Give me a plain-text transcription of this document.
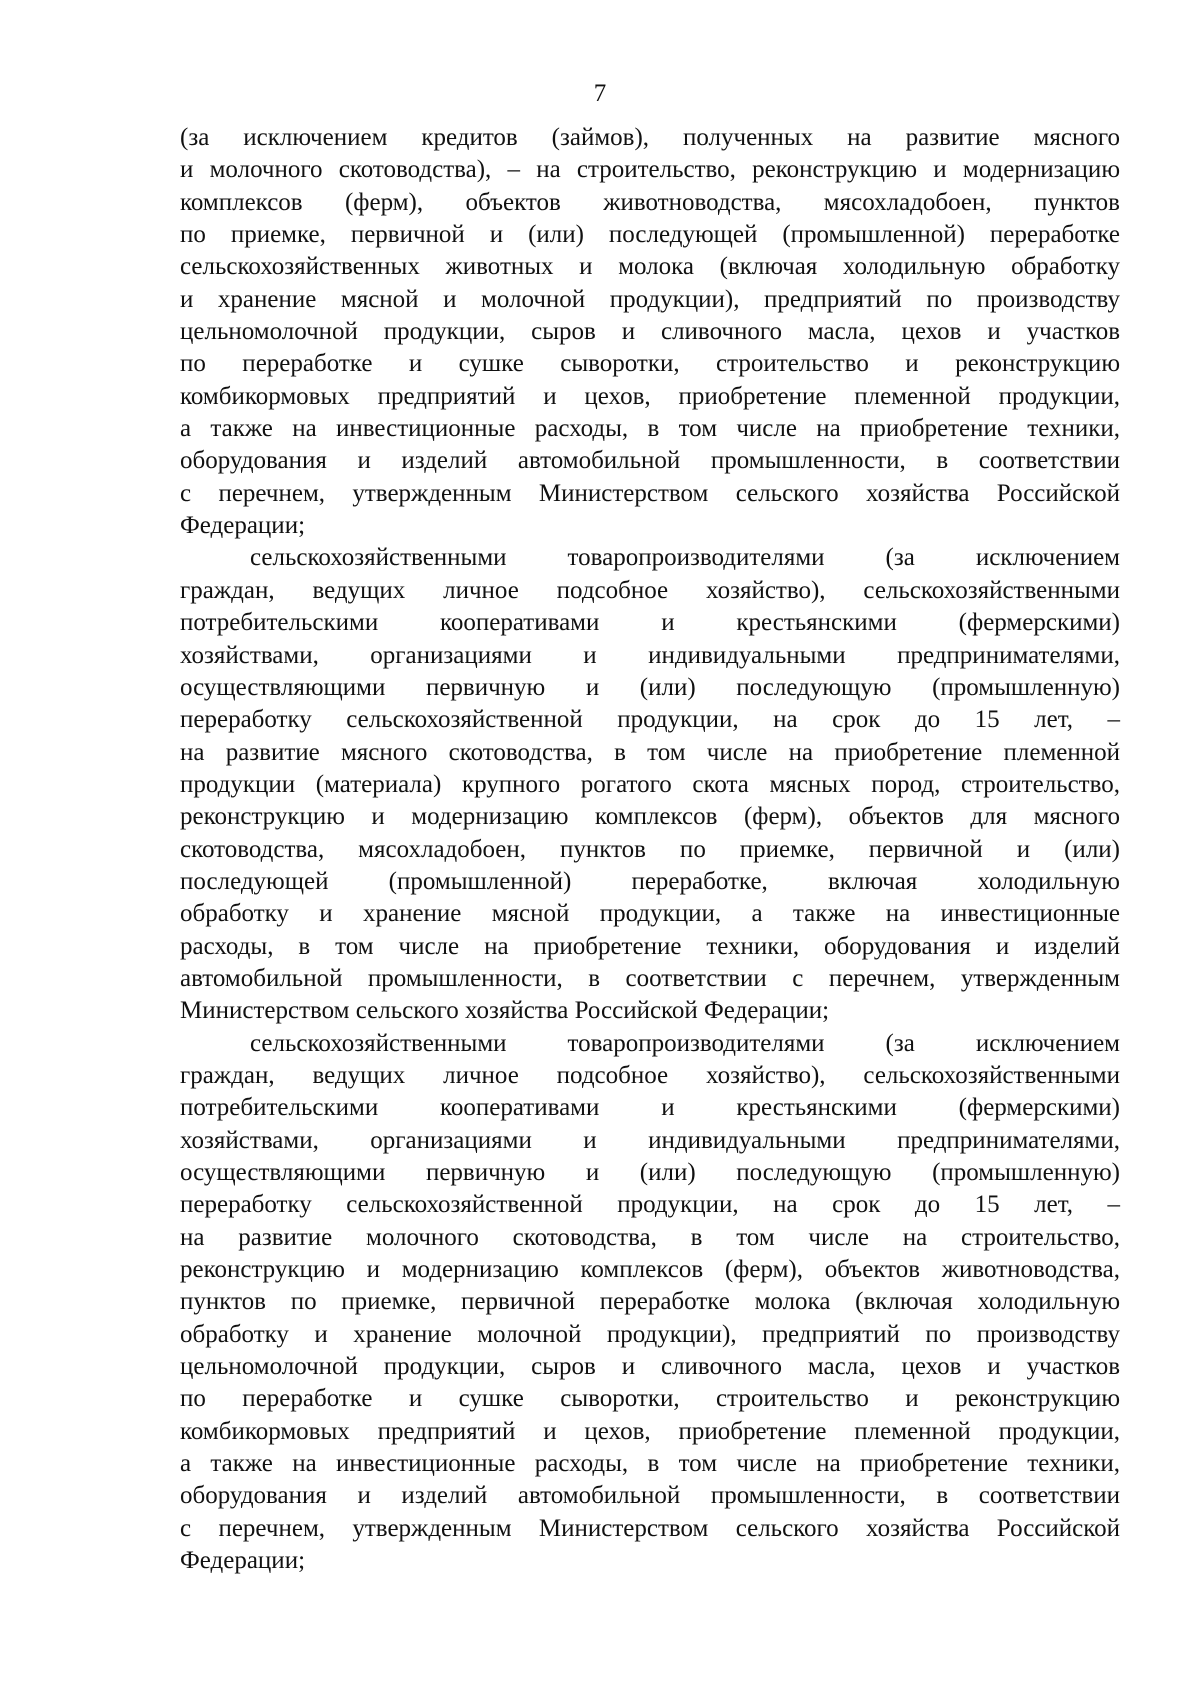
7
(за исключением кредитов (займов), полученных на развитие мясного
и молочного скотоводства), – на строительство, реконструкцию и модернизацию
комплексов (ферм), объектов животноводства, мясохладобоен, пунктов
по приемке, первичной и (или) последующей (промышленной) переработке
сельскохозяйственных животных и молока (включая холодильную обработку
и хранение мясной и молочной продукции), предприятий по производству
цельномолочной продукции, сыров и сливочного масла, цехов и участков
по переработке и сушке сыворотки, строительство и реконструкцию
комбикормовых предприятий и цехов, приобретение племенной продукции,
а также на инвестиционные расходы, в том числе на приобретение техники,
оборудования и изделий автомобильной промышленности, в соответствии
с перечнем, утвержденным Министерством сельского хозяйства Российской
Федерации;
сельскохозяйственными товаропроизводителями (за исключением
граждан, ведущих личное подсобное хозяйство), сельскохозяйственными
потребительскими кооперативами и крестьянскими (фермерскими)
хозяйствами, организациями и индивидуальными предпринимателями,
осуществляющими первичную и (или) последующую (промышленную)
переработку сельскохозяйственной продукции, на срок до 15 лет, –
на развитие мясного скотоводства, в том числе на приобретение племенной
продукции (материала) крупного рогатого скота мясных пород, строительство,
реконструкцию и модернизацию комплексов (ферм), объектов для мясного
скотоводства, мясохладобоен, пунктов по приемке, первичной и (или)
последующей (промышленной) переработке, включая холодильную
обработку и хранение мясной продукции, а также на инвестиционные
расходы, в том числе на приобретение техники, оборудования и изделий
автомобильной промышленности, в соответствии с перечнем, утвержденным
Министерством сельского хозяйства Российской Федерации;
сельскохозяйственными товаропроизводителями (за исключением
граждан, ведущих личное подсобное хозяйство), сельскохозяйственными
потребительскими кооперативами и крестьянскими (фермерскими)
хозяйствами, организациями и индивидуальными предпринимателями,
осуществляющими первичную и (или) последующую (промышленную)
переработку сельскохозяйственной продукции, на срок до 15 лет, –
на развитие молочного скотоводства, в том числе на строительство,
реконструкцию и модернизацию комплексов (ферм), объектов животноводства,
пунктов по приемке, первичной переработке молока (включая холодильную
обработку и хранение молочной продукции), предприятий по производству
цельномолочной продукции, сыров и сливочного масла, цехов и участков
по переработке и сушке сыворотки, строительство и реконструкцию
комбикормовых предприятий и цехов, приобретение племенной продукции,
а также на инвестиционные расходы, в том числе на приобретение техники,
оборудования и изделий автомобильной промышленности, в соответствии
с перечнем, утвержденным Министерством сельского хозяйства Российской
Федерации;
